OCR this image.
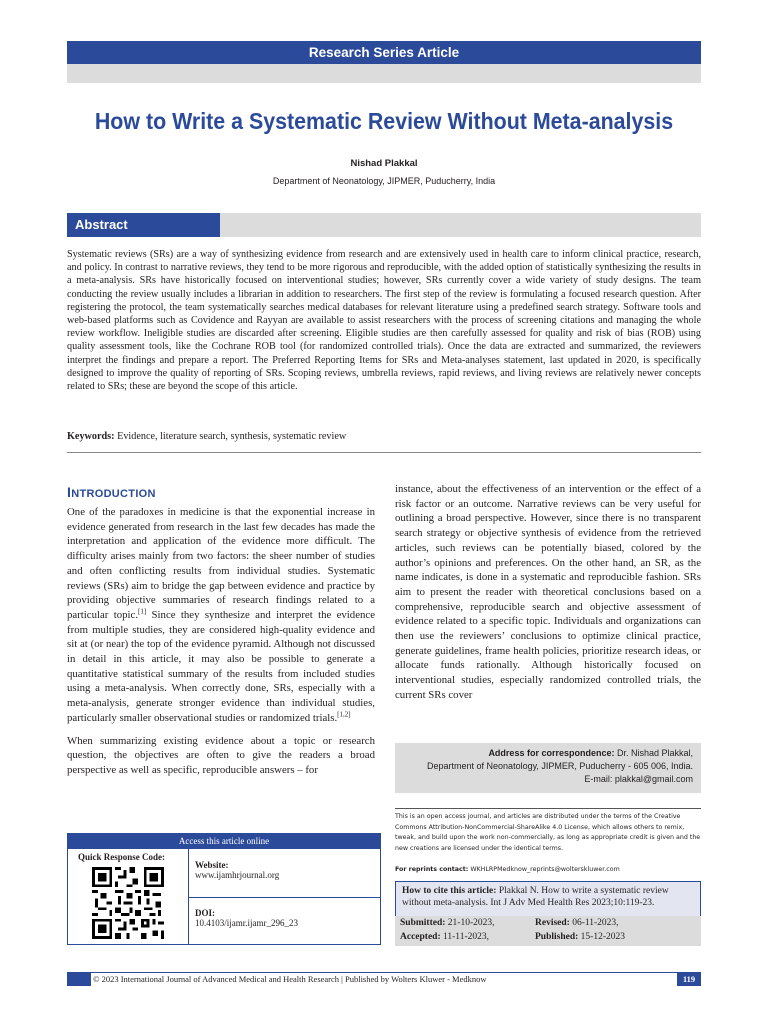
Research Series Article
How to Write a Systematic Review Without Meta-analysis
Nishad Plakkal
Department of Neonatology, JIPMER, Puducherry, India
Abstract

Systematic reviews (SRs) are a way of synthesizing evidence from research and are extensively used in health care to inform clinical practice, research, and policy. In contrast to narrative reviews, they tend to be more rigorous and reproducible, with the added option of statistically synthesizing the results in a meta-analysis. SRs have historically focused on interventional studies; however, SRs currently cover a wide variety of study designs. The team conducting the review usually includes a librarian in addition to researchers. The first step of the review is formulating a focused research question. After registering the protocol, the team systematically searches medical databases for relevant literature using a predefined search strategy. Software tools and web-based platforms such as Covidence and Rayyan are available to assist researchers with the process of screening citations and managing the whole review workflow. Ineligible studies are discarded after screening. Eligible studies are then carefully assessed for quality and risk of bias (ROB) using quality assessment tools, like the Cochrane ROB tool (for randomized controlled trials). Once the data are extracted and summarized, the reviewers interpret the findings and prepare a report. The Preferred Reporting Items for SRs and Meta-analyses statement, last updated in 2020, is specifically designed to improve the quality of reporting of SRs. Scoping reviews, umbrella reviews, rapid reviews, and living reviews are relatively newer concepts related to SRs; these are beyond the scope of this article.

Keywords: Evidence, literature search, synthesis, systematic review
INTRODUCTION

One of the paradoxes in medicine is that the exponential increase in evidence generated from research in the last few decades has made the interpretation and application of the evidence more difficult. The difficulty arises mainly from two factors: the sheer number of studies and often conflicting results from individual studies. Systematic reviews (SRs) aim to bridge the gap between evidence and practice by providing objective summaries of research findings related to a particular topic.[1] Since they synthesize and interpret the evidence from multiple studies, they are considered high-quality evidence and sit at (or near) the top of the evidence pyramid. Although not discussed in detail in this article, it may also be possible to generate a quantitative statistical summary of the results from included studies using a meta-analysis. When correctly done, SRs, especially with a meta-analysis, generate stronger evidence than individual studies, particularly smaller observational studies or randomized trials.[1,2]

When summarizing existing evidence about a topic or research question, the objectives are often to give the readers a broad perspective as well as specific, reproducible answers – for

instance, about the effectiveness of an intervention or the effect of a risk factor or an outcome. Narrative reviews can be very useful for outlining a broad perspective. However, since there is no transparent search strategy or objective synthesis of evidence from the retrieved articles, such reviews can be potentially biased, colored by the author’s opinions and preferences. On the other hand, an SR, as the name indicates, is done in a systematic and reproducible fashion. SRs aim to present the reader with theoretical conclusions based on a comprehensive, reproducible search and objective assessment of evidence related to a specific topic. Individuals and organizations can then use the reviewers’ conclusions to optimize clinical practice, generate guidelines, frame health policies, prioritize research ideas, or allocate funds rationally. Although historically focused on interventional studies, especially randomized controlled trials, the current SRs cover

Access this article online
Quick Response Code:
Website:
www.ijamhrjournal.org
DOI:
10.4103/ijamr.ijamr_296_23
Address for correspondence: Dr. Nishad Plakkal,
Department of Neonatology, JIPMER, Puducherry - 605 006, India.
E-mail: plakkal@gmail.com
This is an open access journal, and articles are distributed under the terms of the Creative Commons Attribution-NonCommercial-ShareAlike 4.0 License, which allows others to remix, tweak, and build upon the work non-commercially, as long as appropriate credit is given and the new creations are licensed under the identical terms.
For reprints contact: WKHLRPMedknow_reprints@wolterskluwer.com
How to cite this article: Plakkal N. How to write a systematic review without meta-analysis. Int J Adv Med Health Res 2023;10:119-23.
Submitted: 21-10-2023,	Revised: 06-11-2023,
Accepted: 11-11-2023,	Published: 15-12-2023
© 2023 International Journal of Advanced Medical and Health Research | Published by Wolters Kluwer - Medknow	119
